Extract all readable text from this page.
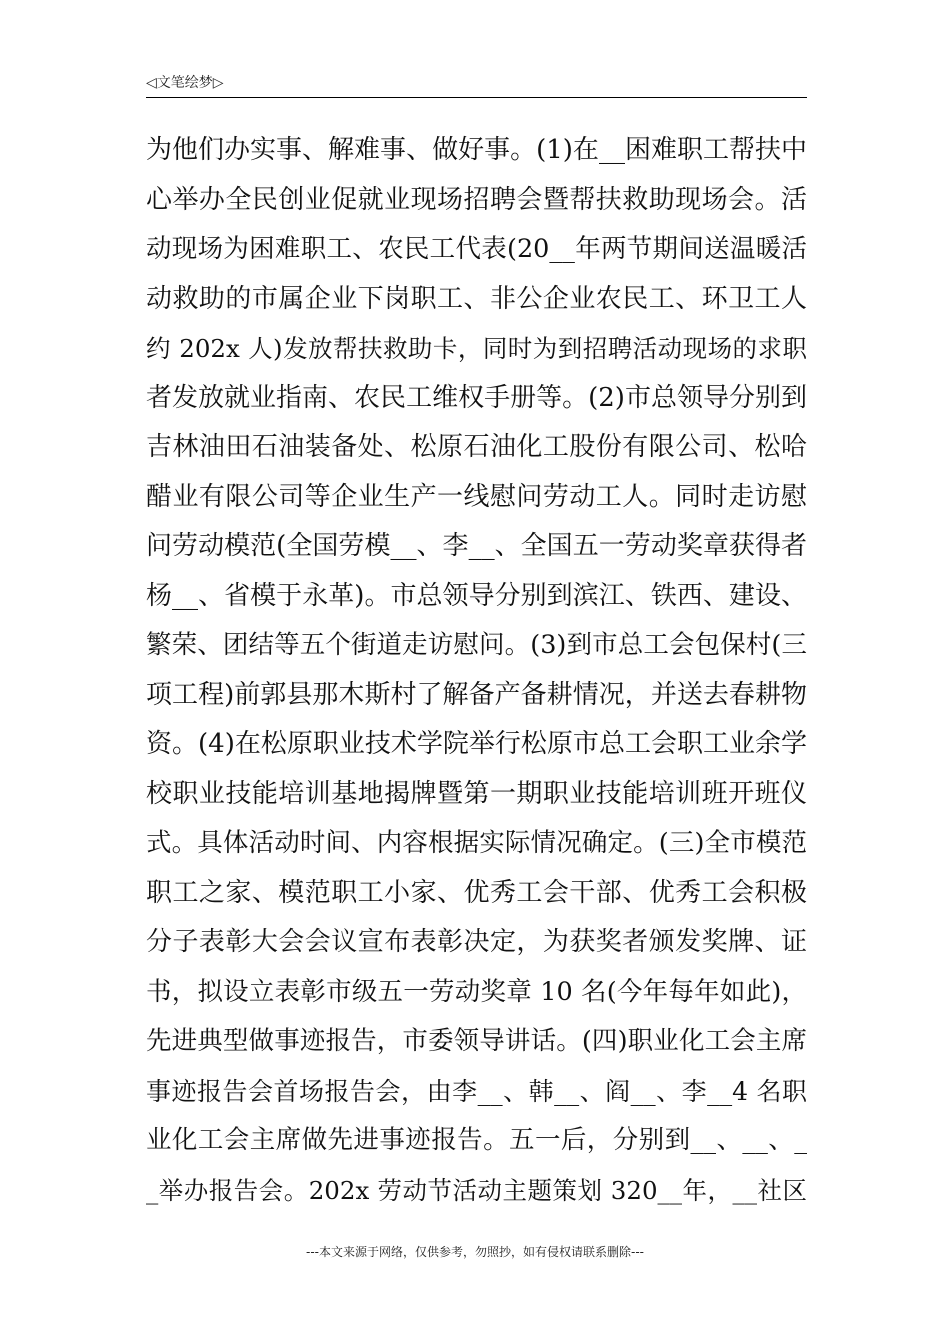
◁文笔绘梦▷
为他们办实事、解难事、做好事。(1)在__困难职工帮扶中
心举办全民创业促就业现场招聘会暨帮扶救助现场会。活
动现场为困难职工、农民工代表(20__年两节期间送温暖活
动救助的市属企业下岗职工、非公企业农民工、环卫工人
约 202x 人)发放帮扶救助卡，同时为到招聘活动现场的求职
者发放就业指南、农民工维权手册等。(2)市总领导分别到
吉林油田石油装备处、松原石油化工股份有限公司、松哈
醋业有限公司等企业生产一线慰问劳动工人。同时走访慰
问劳动模范(全国劳模__、李__、全国五一劳动奖章获得者
杨__、省模于永革)。市总领导分别到滨江、铁西、建设、
繁荣、团结等五个街道走访慰问。(3)到市总工会包保村(三
项工程)前郭县那木斯村了解备产备耕情况，并送去春耕物
资。(4)在松原职业技术学院举行松原市总工会职工业余学
校职业技能培训基地揭牌暨第一期职业技能培训班开班仪
式。具体活动时间、内容根据实际情况确定。(三)全市模范
职工之家、模范职工小家、优秀工会干部、优秀工会积极
分子表彰大会会议宣布表彰决定，为获奖者颁发奖牌、证
书，拟设立表彰市级五一劳动奖章 10 名(今年每年如此)，
先进典型做事迹报告，市委领导讲话。(四)职业化工会主席
事迹报告会首场报告会，由李__、韩__、阎__、李__4 名职
业化工会主席做先进事迹报告。五一后，分别到__、__、_
_举办报告会。202x 劳动节活动主题策划 320__年，__社区
---本文来源于网络，仅供参考，勿照抄，如有侵权请联系删除---
